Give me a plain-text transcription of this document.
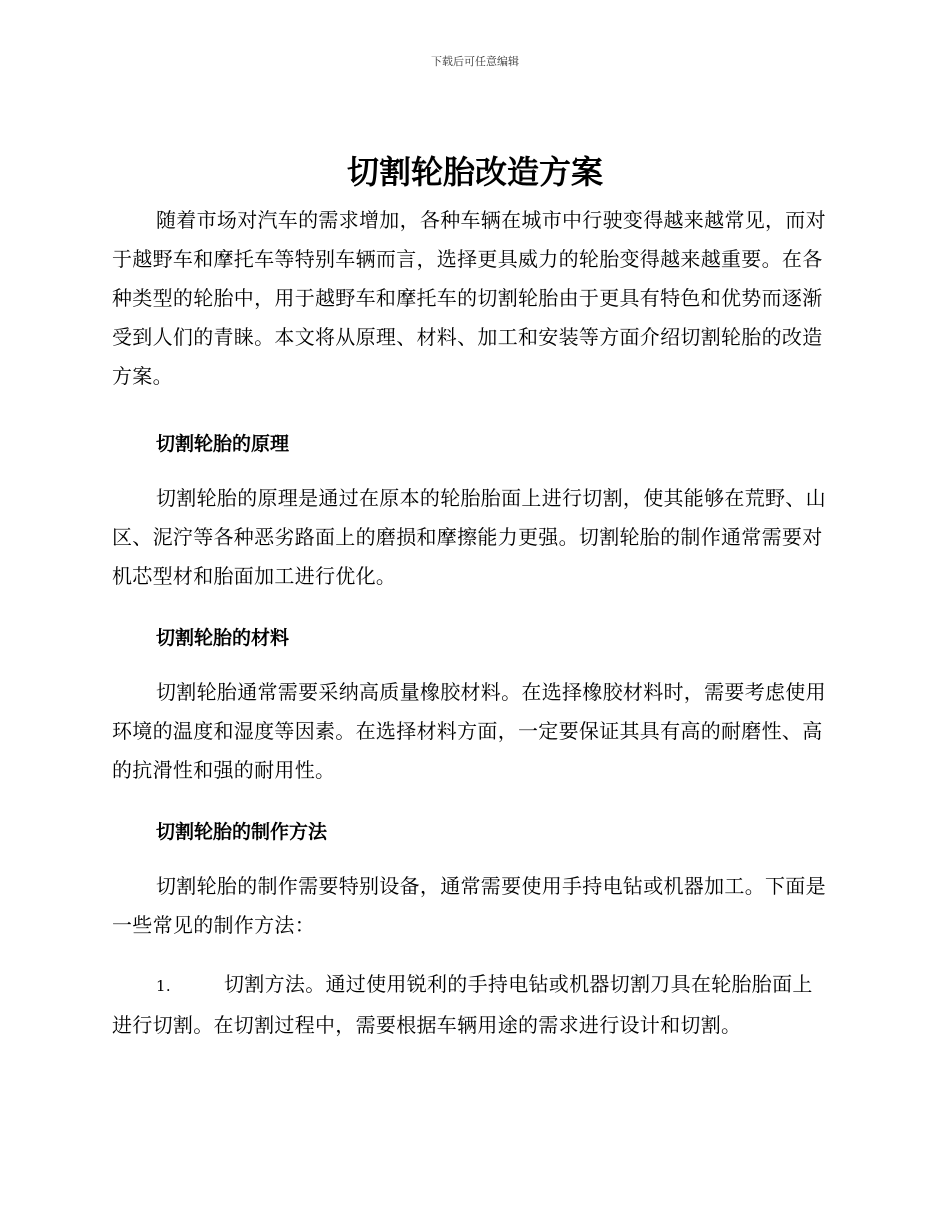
下载后可任意编辑
切割轮胎改造方案

随着市场对汽车的需求增加，各种车辆在城市中行驶变得越来越常见，而对于越野车和摩托车等特别车辆而言，选择更具威力的轮胎变得越来越重要。在各种类型的轮胎中，用于越野车和摩托车的切割轮胎由于更具有特色和优势而逐渐受到人们的青睐。本文将从原理、材料、加工和安装等方面介绍切割轮胎的改造方案。

切割轮胎的原理

切割轮胎的原理是通过在原本的轮胎胎面上进行切割，使其能够在荒野、山区、泥泞等各种恶劣路面上的磨损和摩擦能力更强。切割轮胎的制作通常需要对机芯型材和胎面加工进行优化。

切割轮胎的材料

切割轮胎通常需要采纳高质量橡胶材料。在选择橡胶材料时，需要考虑使用环境的温度和湿度等因素。在选择材料方面，一定要保证其具有高的耐磨性、高的抗滑性和强的耐用性。

切割轮胎的制作方法

切割轮胎的制作需要特别设备，通常需要使用手持电钻或机器加工。下面是一些常见的制作方法：

1.	切割方法。通过使用锐利的手持电钻或机器切割刀具在轮胎胎面上进行切割。在切割过程中，需要根据车辆用途的需求进行设计和切割。
